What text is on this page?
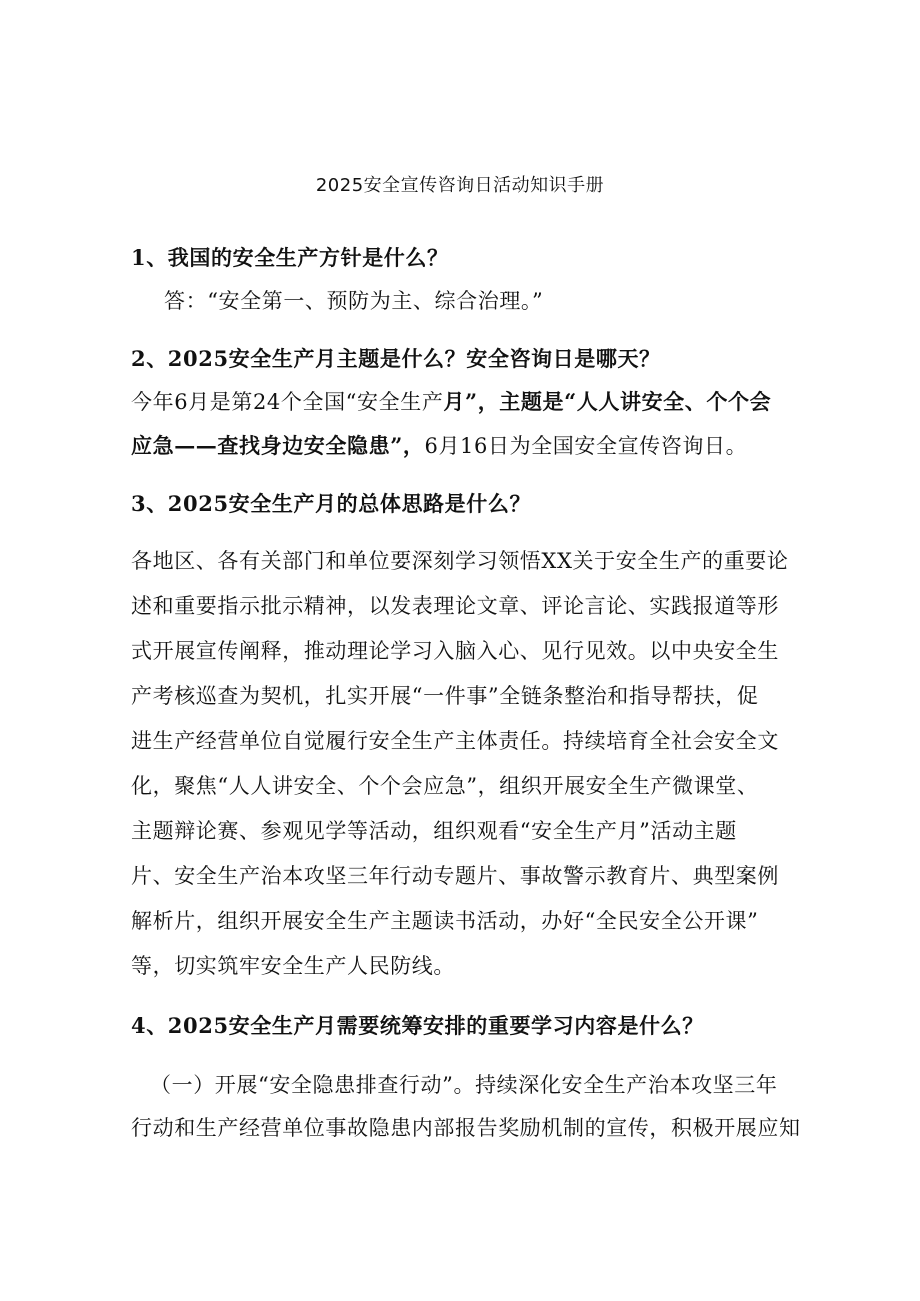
2025安全宣传咨询日活动知识手册
1、我国的安全生产方针是什么？
答：“安全第一、预防为主、综合治理。”
2、2025安全生产月主题是什么？安全咨询日是哪天？
今年6月是第24个全国“安全生产月”，主题是“人人讲安全、个个会
应急——查找身边安全隐患”，6月16日为全国安全宣传咨询日。
3、2025安全生产月的总体思路是什么？
各地区、各有关部门和单位要深刻学习领悟XX关于安全生产的重要论
述和重要指示批示精神，以发表理论文章、评论言论、实践报道等形
式开展宣传阐释，推动理论学习入脑入心、见行见效。以中央安全生
产考核巡查为契机，扎实开展“一件事”全链条整治和指导帮扶，促
进生产经营单位自觉履行安全生产主体责任。持续培育全社会安全文
化，聚焦“人人讲安全、个个会应急”，组织开展安全生产微课堂、
主题辩论赛、参观见学等活动，组织观看“安全生产月”活动主题
片、安全生产治本攻坚三年行动专题片、事故警示教育片、典型案例
解析片，组织开展安全生产主题读书活动，办好“全民安全公开课”
等，切实筑牢安全生产人民防线。
4、2025安全生产月需要统筹安排的重要学习内容是什么？
（一）开展“安全隐患排查行动”。持续深化安全生产治本攻坚三年
行动和生产经营单位事故隐患内部报告奖励机制的宣传，积极开展应知
